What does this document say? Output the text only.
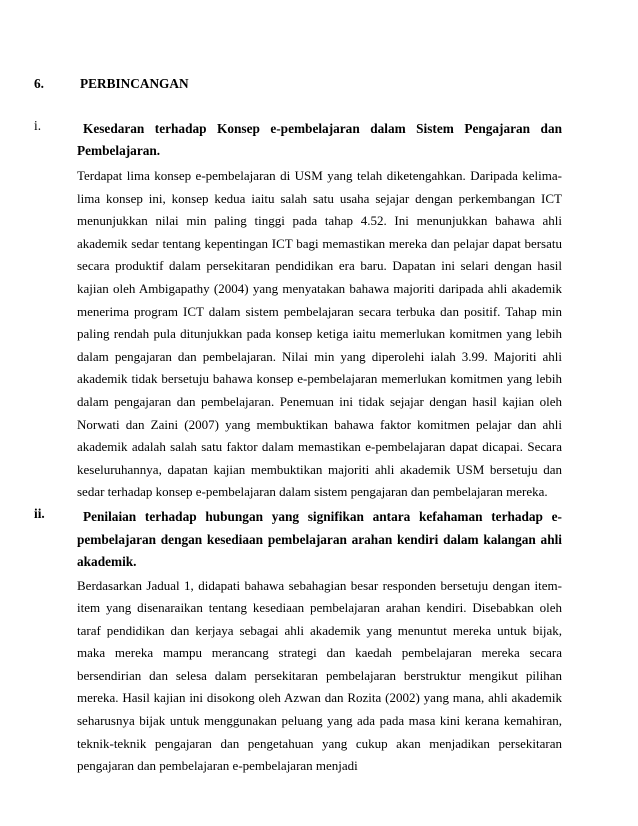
6.	PERBINCANGAN
i.	Kesedaran terhadap Konsep e-pembelajaran dalam Sistem Pengajaran dan Pembelajaran.

Terdapat lima konsep e-pembelajaran di USM yang telah diketengahkan. Daripada kelima-lima konsep ini, konsep kedua iaitu salah satu usaha sejajar dengan perkembangan ICT menunjukkan nilai min paling tinggi pada tahap 4.52. Ini menunjukkan bahawa ahli akademik sedar tentang kepentingan ICT bagi memastikan mereka dan pelajar dapat bersatu secara produktif dalam persekitaran pendidikan era baru. Dapatan ini selari dengan hasil kajian oleh Ambigapathy (2004) yang menyatakan bahawa majoriti daripada ahli akademik menerima program ICT dalam sistem pembelajaran secara terbuka dan positif. Tahap min paling rendah pula ditunjukkan pada konsep ketiga iaitu memerlukan komitmen yang lebih dalam pengajaran dan pembelajaran. Nilai min yang diperolehi ialah 3.99. Majoriti ahli akademik tidak bersetuju bahawa konsep e-pembelajaran memerlukan komitmen yang lebih dalam pengajaran dan pembelajaran. Penemuan ini tidak sejajar dengan hasil kajian oleh Norwati dan Zaini (2007) yang membuktikan bahawa faktor komitmen pelajar dan ahli akademik adalah salah satu faktor dalam memastikan e-pembelajaran dapat dicapai. Secara keseluruhannya, dapatan kajian membuktikan majoriti ahli akademik USM bersetuju dan sedar terhadap konsep e-pembelajaran dalam sistem pengajaran dan pembelajaran mereka.

ii.	Penilaian terhadap hubungan yang signifikan antara kefahaman terhadap e-pembelajaran dengan kesediaan pembelajaran arahan kendiri dalam kalangan ahli akademik.

Berdasarkan Jadual 1, didapati bahawa sebahagian besar responden bersetuju dengan item-item yang disenaraikan tentang kesediaan pembelajaran arahan kendiri. Disebabkan oleh taraf pendidikan dan kerjaya sebagai ahli akademik yang menuntut mereka untuk bijak, maka mereka mampu merancang strategi dan kaedah pembelajaran mereka secara bersendirian dan selesa dalam persekitaran pembelajaran berstruktur mengikut pilihan mereka. Hasil kajian ini disokong oleh Azwan dan Rozita (2002) yang mana, ahli akademik seharusnya bijak untuk menggunakan peluang yang ada pada masa kini kerana kemahiran, teknik-teknik pengajaran dan pengetahuan yang cukup akan menjadikan persekitaran pengajaran dan pembelajaran e-pembelajaran menjadi
